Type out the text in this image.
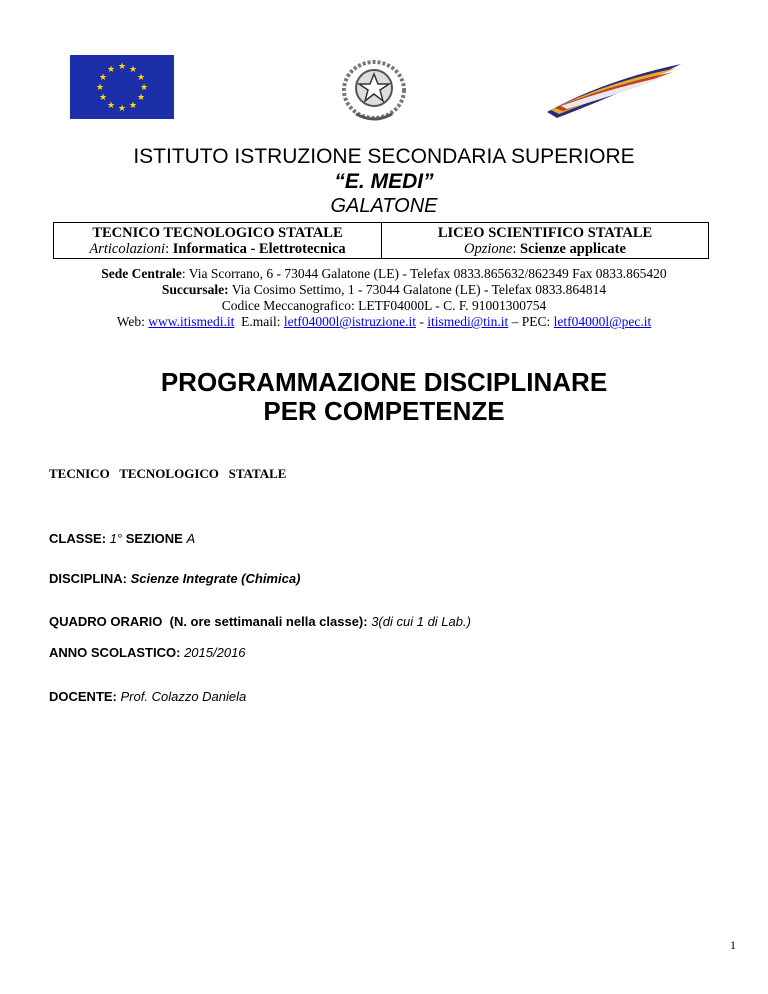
★ ★
★
★
★
★
★
★
★
★
★
★
ISTITUTO ISTRUZIONE SECONDARIA SUPERIORE
“E. MEDI”
GALATONE
TECNICO TECNOLOGICO STATALE
Articolazioni: Informatica - Elettrotecnica
LICEO SCIENTIFICO STATALE
Opzione: Scienze applicate
Sede Centrale: Via Scorrano, 6 - 73044 Galatone (LE) - Telefax 0833.865632/862349 Fax 0833.865420
Succursale: Via Cosimo Settimo, 1 - 73044 Galatone (LE) - Telefax 0833.864814
Codice Meccanografico: LETF04000L - C. F. 91001300754
Web: www.itismedi.it  E.mail: letf04000l@istruzione.it - itismedi@tin.it – PEC: letf04000l@pec.it
PROGRAMMAZIONE DISCIPLINARE
PER COMPETENZE
TECNICO   TECNOLOGICO   STATALE
CLASSE: 1° SEZIONE A
DISCIPLINA: Scienze Integrate (Chimica)
QUADRO ORARIO  (N. ore settimanali nella classe): 3(di cui 1 di Lab.)
ANNO SCOLASTICO: 2015/2016
DOCENTE: Prof. Colazzo Daniela
1
